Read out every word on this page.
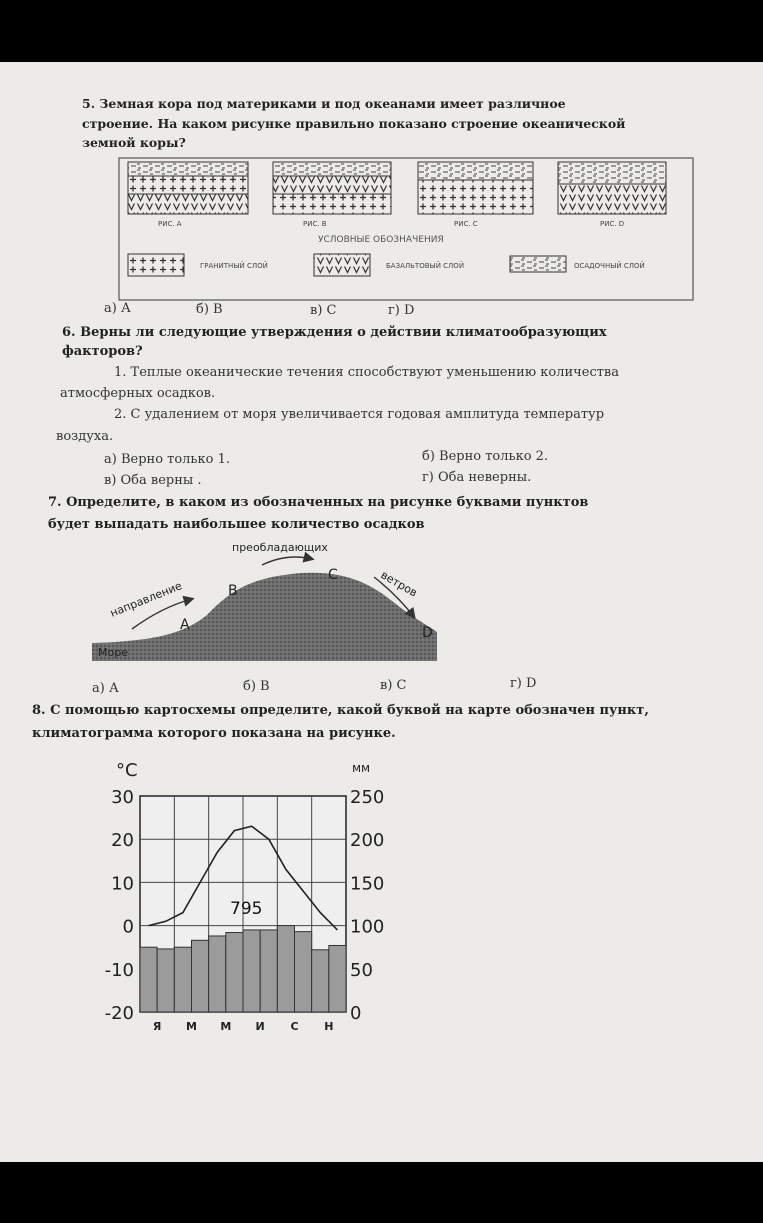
5. Земная кора под материками и под океанами имеет различное
строение. На каком рисунке правильно показано строение океанической
земной коры?
РИС. А	РИС. В	РИС. С	РИС. D
УСЛОВНЫЕ ОБОЗНАЧЕНИЯ
ГРАНИТНЫЙ СЛОЙ	БАЗАЛЬТОВЫЙ СЛОЙ	ОСАДОЧНЫЙ СЛОЙ
а) А	б) В	в) С	г) D
6. Верны ли следующие утверждения о действии климатообразующих
факторов?
1. Теплые океанические течения способствуют уменьшению количества
атмосферных осадков.
2. С удалением от моря увеличивается годовая амплитуда температур
воздуха.
а) Верно только 1.	б) Верно только 2.
в) Оба верны .	г) Оба неверны.
7. Определите, в каком из обозначенных на рисунке буквами пунктов
будет выпадать наибольшее количество осадков
Море
направление
преобладающих
ветров
A
B
C
D
а) А	б) В	в) С	г) D
8. С помощью картосхемы определите, какой буквой на карте обозначен пункт,
климатограмма которого показана на рисунке.
°C	мм
30
20
10
0
-10
-20
250
200
150
100
50
0
Я М М И С Н
795
